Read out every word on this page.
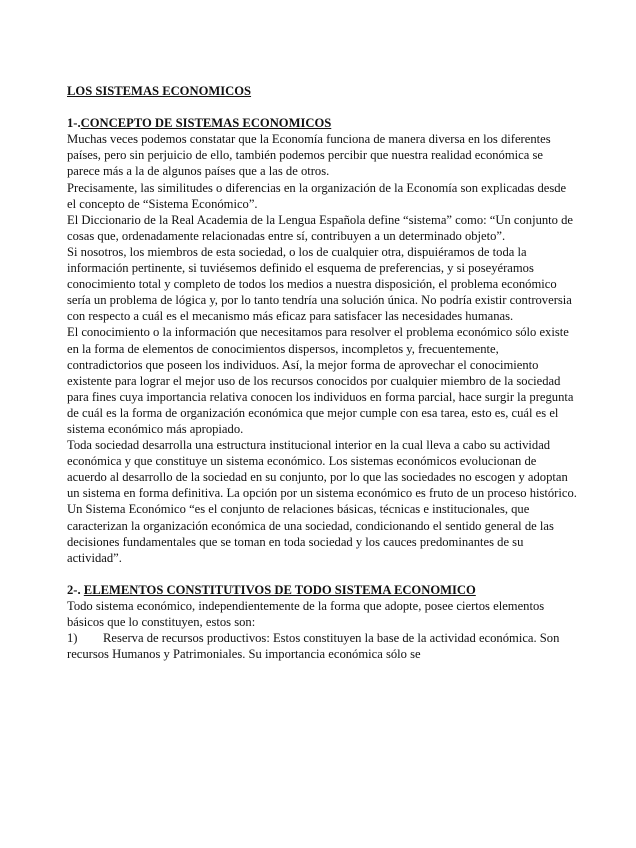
LOS SISTEMAS ECONOMICOS

1-.CONCEPTO DE SISTEMAS ECONOMICOS

Muchas veces podemos constatar que la Economía funciona de manera diversa en los diferentes países, pero sin perjuicio de ello, también podemos percibir que nuestra realidad económica se parece más a la de algunos países que a las de otros.

Precisamente, las similitudes o diferencias en la organización de la Economía son explicadas desde el concepto de “Sistema Económico”.

El Diccionario de la Real Academia de la Lengua Española define “sistema” como: “Un conjunto de cosas que, ordenadamente relacionadas entre sí, contribuyen a un determinado objeto”.

Si nosotros, los miembros de esta sociedad, o los de cualquier otra, dispuiéramos de toda la información pertinente, si tuviésemos definido el esquema de preferencias, y si poseyéramos conocimiento total y completo de todos los medios a nuestra disposición, el problema económico sería un problema de lógica y, por lo tanto tendría una solución única. No podría existir controversia con respecto a cuál es el mecanismo más eficaz para satisfacer las necesidades humanas.

El conocimiento o la información que necesitamos para resolver el problema económico sólo existe en la forma de elementos de conocimientos dispersos, incompletos y, frecuentemente, contradictorios que poseen los individuos. Así, la mejor forma de aprovechar el conocimiento existente para lograr el mejor uso de los recursos conocidos por cualquier miembro de la sociedad para fines cuya importancia relativa conocen los individuos en forma parcial, hace surgir la pregunta de cuál es la forma de organización económica que mejor cumple con esa tarea, esto es, cuál es el sistema económico más apropiado.

Toda sociedad desarrolla una estructura institucional interior en la cual lleva a cabo su actividad económica y que constituye un sistema económico. Los sistemas económicos evolucionan de acuerdo al desarrollo de la sociedad en su conjunto, por lo que las sociedades no escogen y adoptan un sistema en forma definitiva. La opción por un sistema económico es fruto de un proceso histórico.

Un Sistema Económico “es el conjunto de relaciones básicas, técnicas e institucionales, que caracterizan la organización económica de una sociedad, condicionando el sentido general de las decisiones fundamentales que se toman en toda sociedad y los cauces predominantes de su actividad”.

2-. ELEMENTOS CONSTITUTIVOS DE TODO SISTEMA ECONOMICO

Todo sistema económico, independientemente de la forma que adopte, posee ciertos elementos básicos que lo constituyen, estos son:

1) Reserva de recursos productivos: Estos constituyen la base de la actividad económica. Son recursos Humanos y Patrimoniales. Su importancia económica sólo se
